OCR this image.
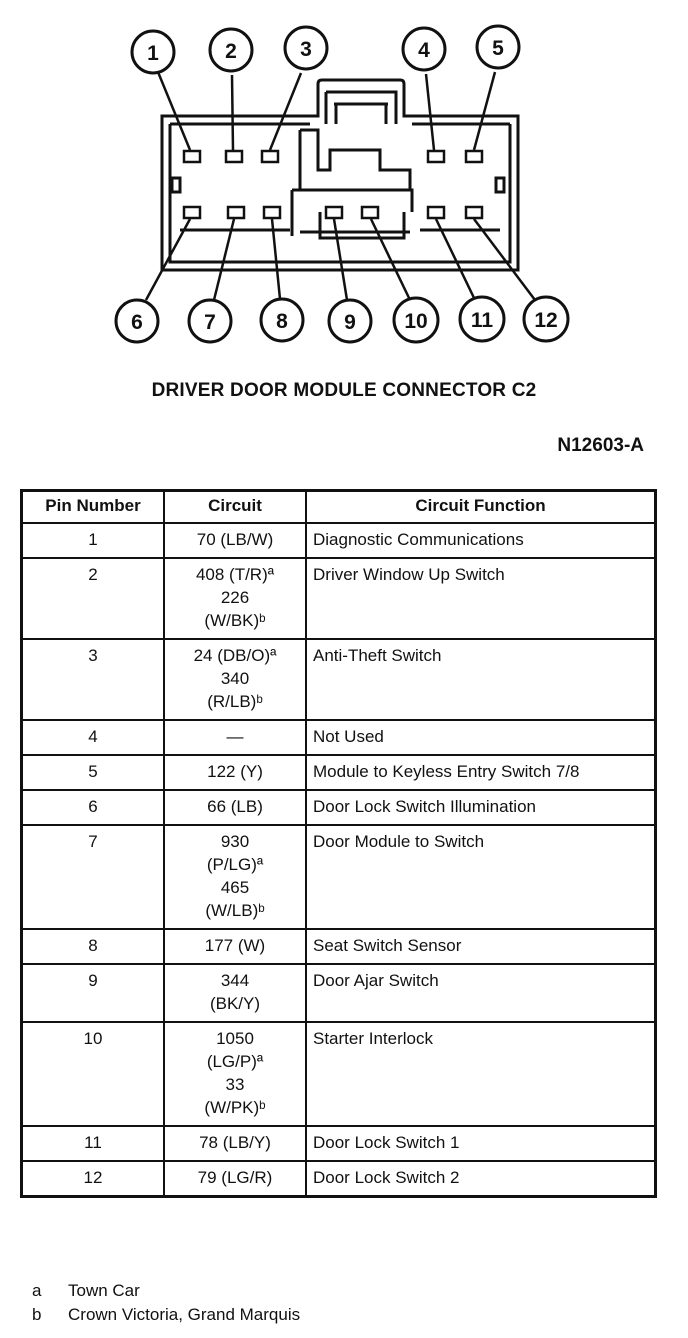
1	2	3	4	5
6	7	8	9 10 11 12
DRIVER DOOR MODULE CONNECTOR C2
N12603-A
Pin Number	Circuit	Circuit Function
1	70 (LB/W)	Diagnostic Communications
2	408 (T/R)ª
226
(W/BK)ᵇ	Driver Window Up Switch
3	24 (DB/O)ª
340
(R/LB)ᵇ	Anti-Theft Switch
4	—	Not Used
5	122 (Y)	Module to Keyless Entry Switch 7/8
6	66 (LB)	Door Lock Switch Illumination
7	930
(P/LG)ª
465
(W/LB)ᵇ	Door Module to Switch
8	177 (W)	Seat Switch Sensor
9	344
(BK/Y)	Door Ajar Switch
10	1050
(LG/P)ª
33
(W/PK)ᵇ	Starter Interlock
11	78 (LB/Y)	Door Lock Switch 1
12	79 (LG/R)	Door Lock Switch 2
a	Town Car
b	Crown Victoria, Grand Marquis
